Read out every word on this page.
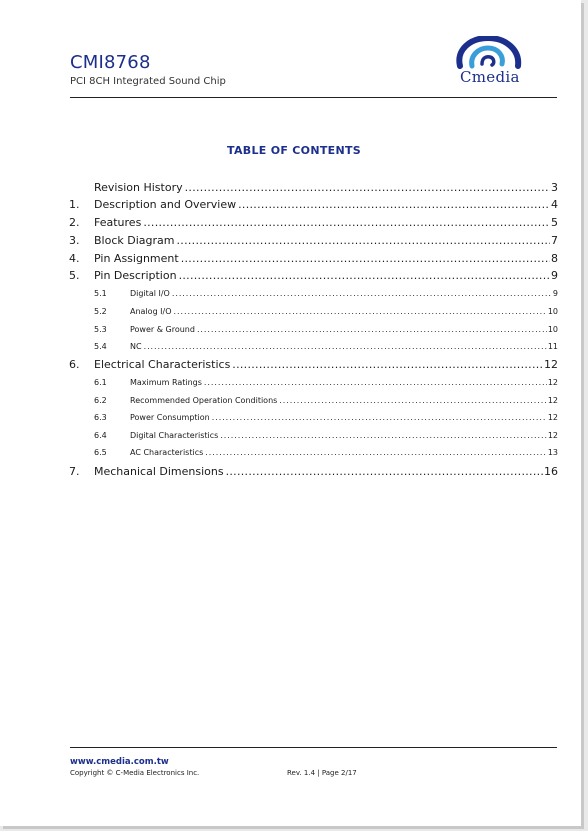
CMI8768
PCI 8CH Integrated Sound Chip	Cmedia
TABLE OF CONTENTS
Revision History . . .	3
1.	Description and Overview . . .	4
2.	Features . . .	5
3.	Block Diagram . . .	7
4.	Pin Assignment . . .	8
5.	Pin Description . . .	9
5.1	Digital I/O . . .	9
5.2	Analog I/O . . .	10
5.3	Power & Ground . . .	10
5.4	NC . . .	11
6.	Electrical Characteristics . . .	12
6.1	Maximum Ratings . . .	12
6.2	Recommended Operation Conditions . . .	12
6.3	Power Consumption . . .	12
6.4	Digital Characteristics . . .	12
6.5	AC Characteristics . . .	13
7.	Mechanical Dimensions . . .	16
www.cmedia.com.tw
Copyright © C-Media Electronics Inc.	Rev. 1.4 | Page 2/17
